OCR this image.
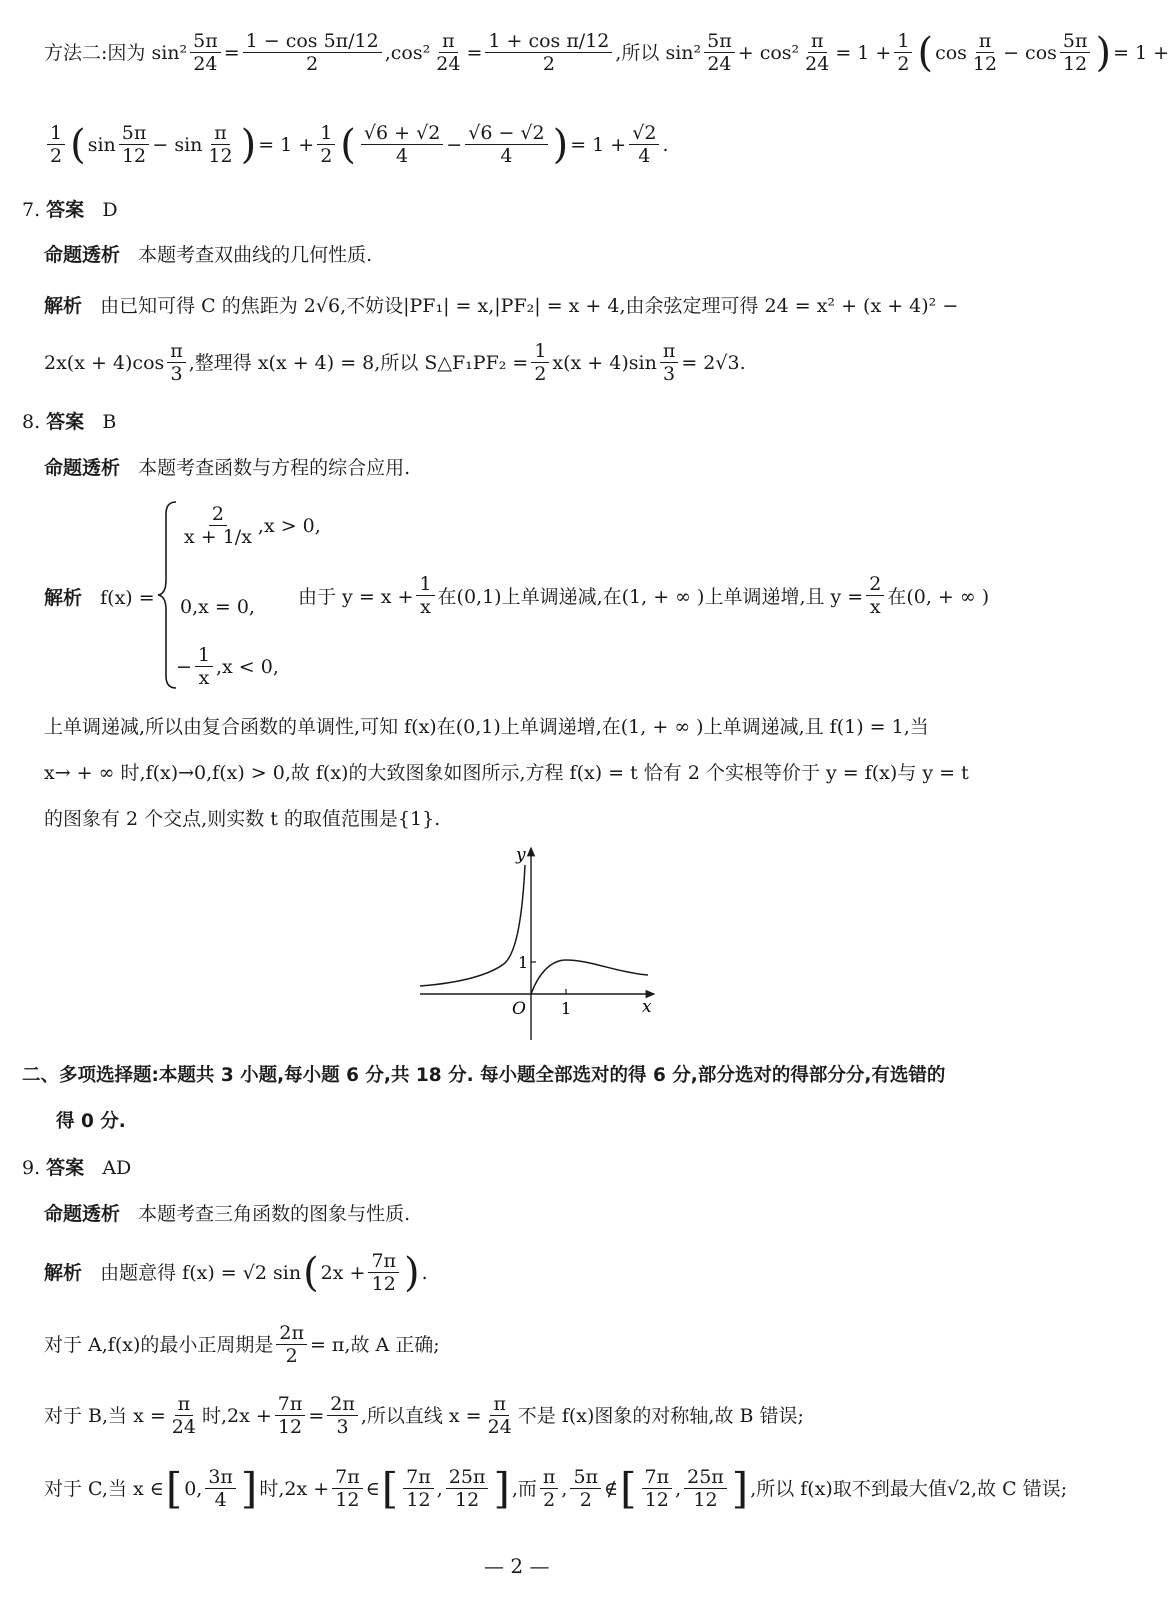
方法二:因为 $\sin^2 \frac{5\pi}{24} = \frac{1 - \cos 5\pi/12}{2} ,\cos^2 \frac{\pi}{24} = \frac{\text{1 + cos π/12}}{2}$ ,所以 $\sin^2 \frac{5\pi}{24} + \cos^2 \frac{\pi}{24} = 1 + \frac{1}{2}$ ( $\cos \frac{\pi}{12} - \cos \frac{5\pi}{12}$ ) = 1 +
$\frac{1}{2}$ ( $\sin \frac{5\pi}{12} - \sin \frac{\pi}{12}$ ) = $1 + \frac{1}{2}$ ( $\frac{√6 + √2}{4} - \frac{√6 - √2}{4}$ ) = $1 + \frac{√2}{4}$ .
7. 答案 D
命题透析 本题考查双曲线的几何性质.
解析 由已知可得 C 的焦距为 2√6,不妨设|PF₁| = x,|PF₂| = x + 4,由余弦定理可得 24 = x² + (x + 4)² −
$2x(x + 4)\cos \frac{\pi}{3}$ ,整理得 x(x + 4) = 8,所以 S△F₁PF₂ = $\frac{1}{2} x(x + 4)\sin \frac{\pi}{3} = 2√3$.
8. 答案 B
命题透析 本题考查函数与方程的综合应用.
解析 f(x) =
$\frac{2}{x + 1/x} ,x > 0$,
0,x = 0,
− $\frac{1}{x} ,x < 0$,
由于 $y = x + \frac{1}{x}$ 在(0,1)上单调递减,在(1, + ∞ )上单调递增,且 $y = \frac{2}{x}$ 在(0, + ∞ )
上单调递减,所以由复合函数的单调性,可知 f(x)在(0,1)上单调递增,在(1, + ∞ )上单调递减,且 f(1) = 1,当
x→ + ∞ 时,f(x)→0,f(x) > 0,故 f(x)的大致图象如图所示,方程 f(x) = t 恰有 2 个实根等价于 y = f(x)与 y = t
的图象有 2 个交点,则实数 t 的取值范围是{1}.
y
x
O
1
1
二、多项选择题:本题共 3 小题,每小题 6 分,共 18 分. 每小题全部选对的得 6 分,部分选对的得部分分,有选错的
得 0 分.
9. 答案 AD
命题透析 本题考查三角函数的图象与性质.
解析
由题意得 f(x) = √2 sin ( $2x + \frac{7\pi}{12}$ ) .
对于 A,f(x)的最小正周期是 $\frac{2\pi}{2} = \pi$,故 A 正确;
对于 B,当 $x = \frac{\pi}{24}$ 时$,2x + \frac{7\pi}{12} = \frac{2\pi}{3}$ ,所以直线 $x = \frac{\pi}{24}$ 不是 f(x)图象的对称轴,故 B 错误;
对于 C,当 x ∈ [ 0, $\frac{3\pi}{4}$ ] 时$,2x + \frac{7\pi}{12}$ ∈ [ $\frac{7\pi}{12}$ , $\frac{25\pi}{12}$ ] ,而 $\frac{\pi}{2}$ , $\frac{5\pi}{2}$ ∉ [ $\frac{7\pi}{12}$ , $\frac{25\pi}{12}$ ] ,所以 f(x)取不到最大值√2,故 C 错误;
— 2 —
